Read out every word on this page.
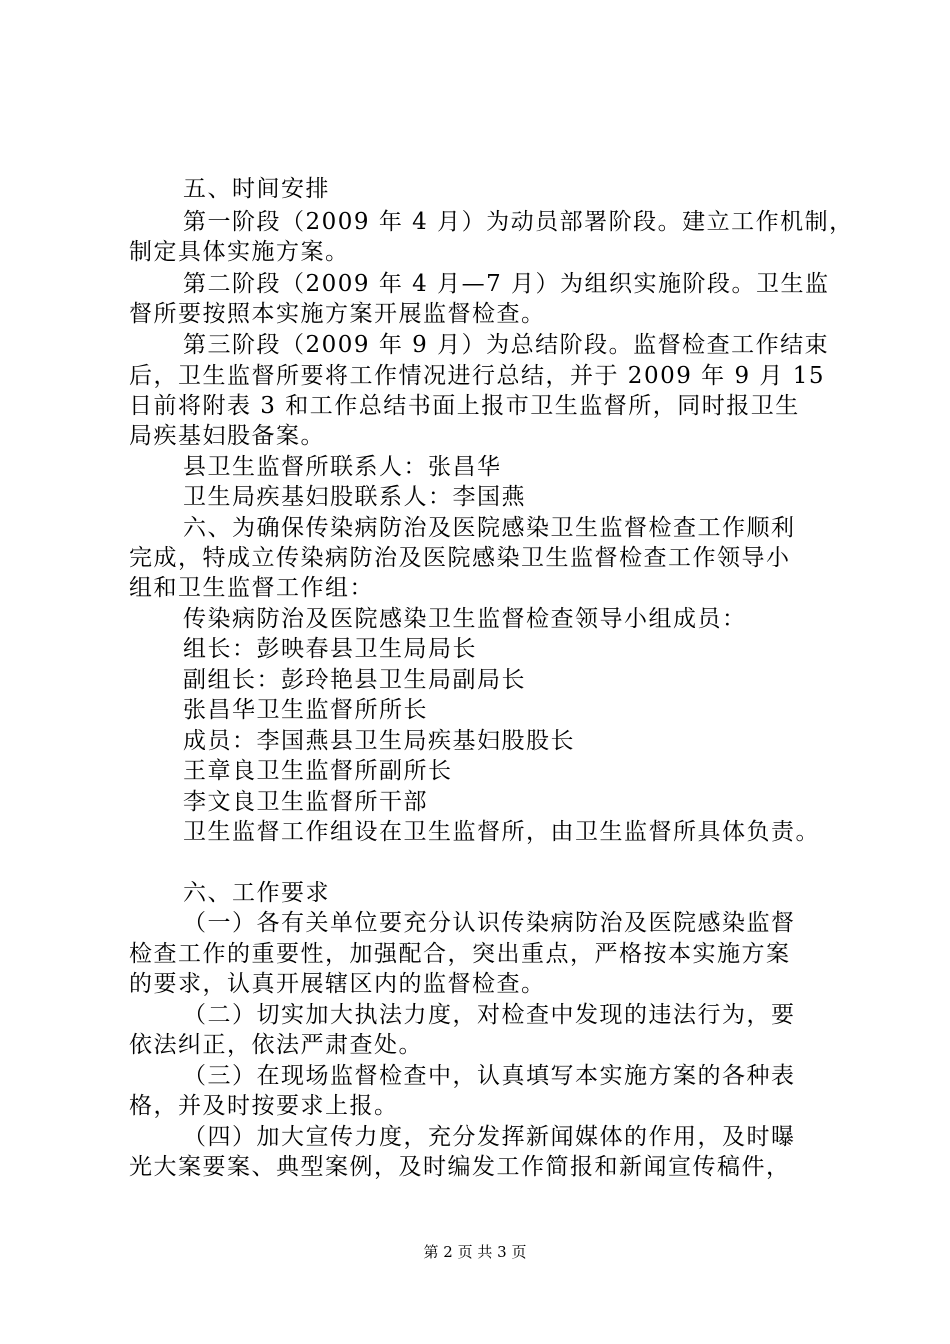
五、时间安排

第一阶段（2009 年 4 月）为动员部署阶段。建立工作机制，

制定具体实施方案。

第二阶段（2009 年 4 月—7 月）为组织实施阶段。卫生监

督所要按照本实施方案开展监督检查。

第三阶段（2009 年 9 月）为总结阶段。监督检查工作结束

后，卫生监督所要将工作情况进行总结，并于 2009 年 9 月 15

日前将附表 3 和工作总结书面上报市卫生监督所，同时报卫生

局疾基妇股备案。

县卫生监督所联系人：张昌华

卫生局疾基妇股联系人：李国燕

六、为确保传染病防治及医院感染卫生监督检查工作顺利

完成，特成立传染病防治及医院感染卫生监督检查工作领导小

组和卫生监督工作组：

传染病防治及医院感染卫生监督检查领导小组成员：

组长：彭映春县卫生局局长

副组长：彭玲艳县卫生局副局长

张昌华卫生监督所所长

成员：李国燕县卫生局疾基妇股股长

王章良卫生监督所副所长

李文良卫生监督所干部

卫生监督工作组设在卫生监督所，由卫生监督所具体负责。

六、工作要求

（一）各有关单位要充分认识传染病防治及医院感染监督

检查工作的重要性，加强配合，突出重点，严格按本实施方案

的要求，认真开展辖区内的监督检查。

（二）切实加大执法力度，对检查中发现的违法行为，要

依法纠正，依法严肃查处。

（三）在现场监督检查中，认真填写本实施方案的各种表

格，并及时按要求上报。

（四）加大宣传力度，充分发挥新闻媒体的作用，及时曝

光大案要案、典型案例，及时编发工作简报和新闻宣传稿件，

第 2 页 共 3 页
